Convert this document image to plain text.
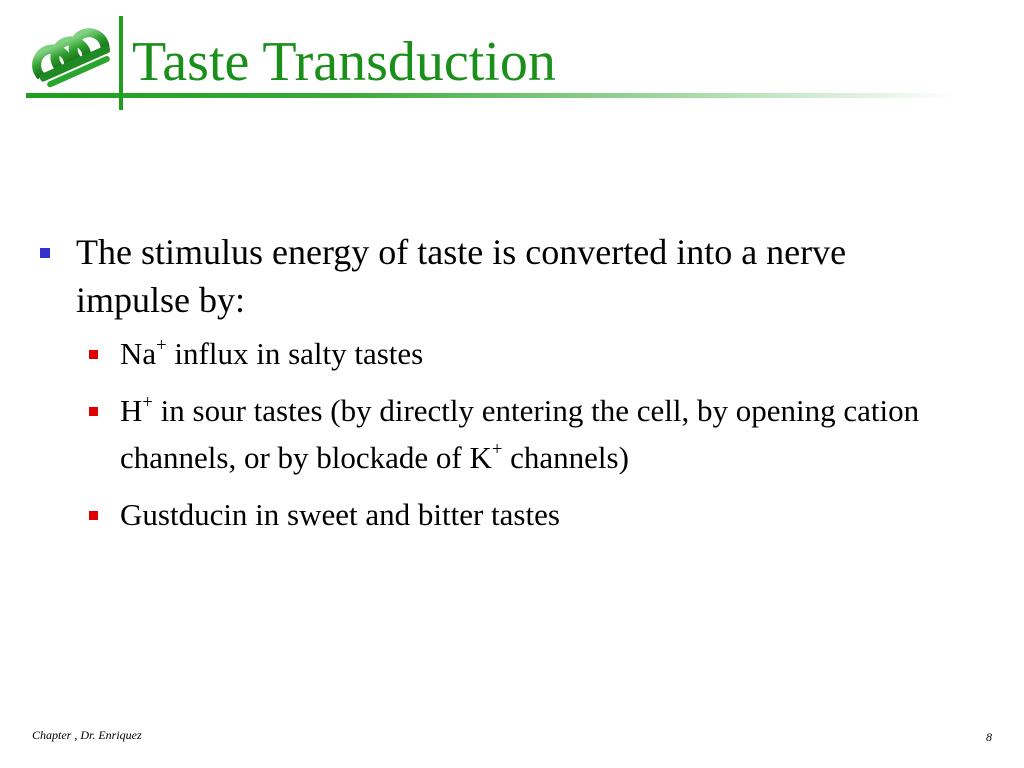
Taste Transduction
The stimulus energy of taste is converted into a nerve impulse by:
Na+ influx in salty tastes
H+ in sour tastes (by directly entering the cell, by opening cation channels, or by blockade of K+ channels)
Gustducin in sweet and bitter tastes
Chapter , Dr. Enriquez	8
